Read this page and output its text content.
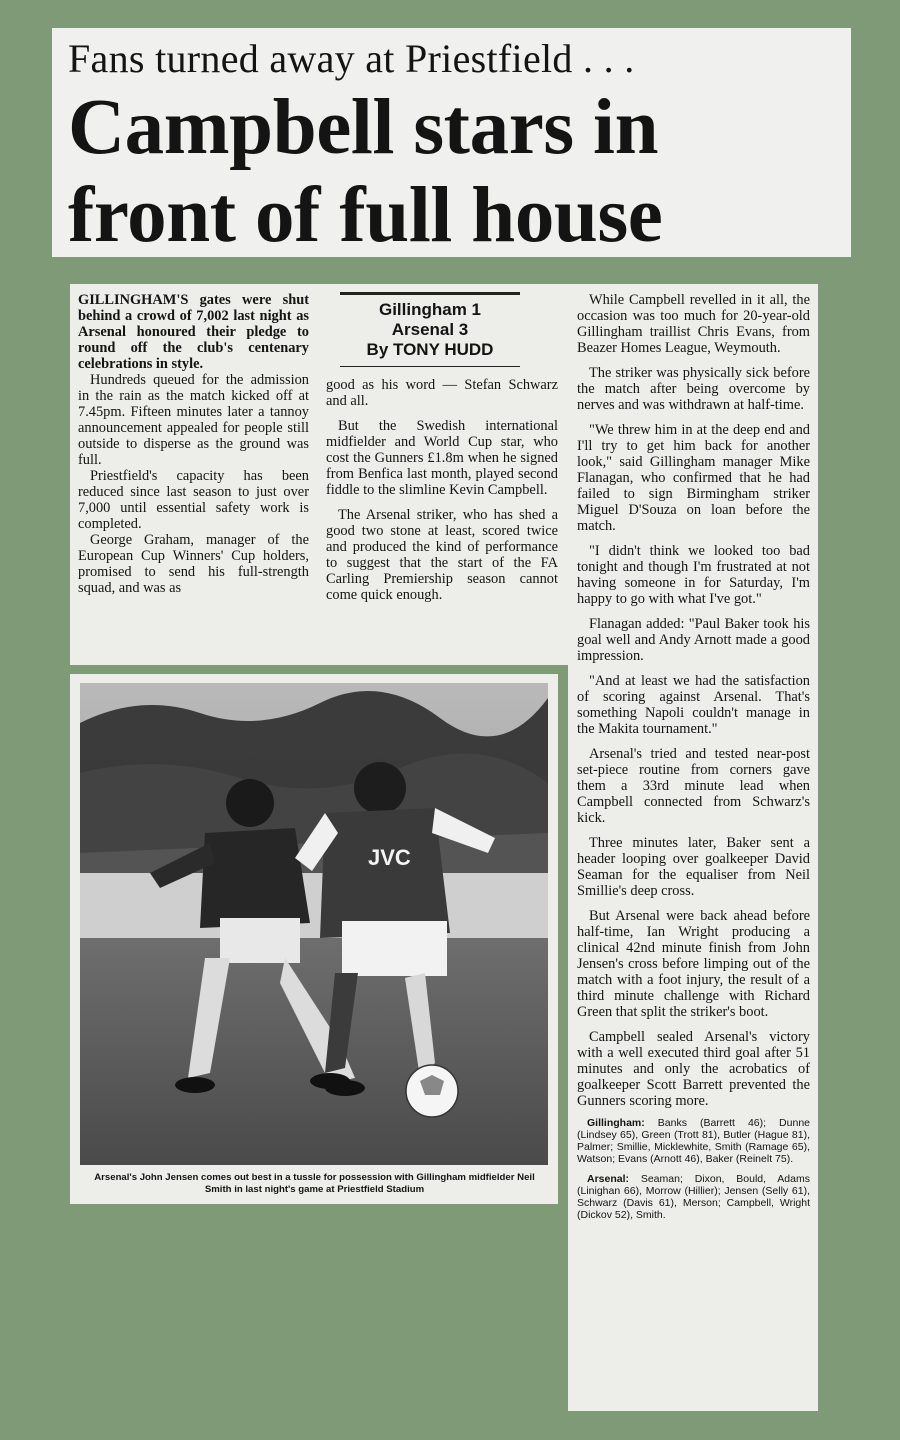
Fans turned away at Priestfield . . .
Campbell stars in
front of full house

GILLINGHAM'S gates were shut behind a crowd of 7,002 last night as Arsenal honoured their pledge to round off the club's centenary celebrations in style.

Hundreds queued for the admission in the rain as the match kicked off at 7.45pm. Fifteen minutes later a tannoy announcement appealed for people still outside to disperse as the ground was full.

Priestfield's capacity has been reduced since last season to just over 7,000 until essential safety work is completed.

George Graham, manager of the European Cup Winners' Cup holders, promised to send his full-strength squad, and was as

Gillingham 1
Arsenal 3
By TONY HUDD

good as his word — Stefan Schwarz and all.

But the Swedish international midfielder and World Cup star, who cost the Gunners £1.8m when he signed from Benfica last month, played second fiddle to the slimline Kevin Campbell.

The Arsenal striker, who has shed a good two stone at least, scored twice and produced the kind of performance to suggest that the start of the FA Carling Premiership season cannot come quick enough.

While Campbell revelled in it all, the occasion was too much for 20-year-old Gillingham traillist Chris Evans, from Beazer Homes League, Weymouth.

The striker was physically sick before the match after being overcome by nerves and was withdrawn at half-time.

"We threw him in at the deep end and I'll try to get him back for another look," said Gillingham manager Mike Flanagan, who confirmed that he had failed to sign Birmingham striker Miguel D'Souza on loan before the match.

"I didn't think we looked too bad tonight and though I'm frustrated at not having someone in for Saturday, I'm happy to go with what I've got."

Flanagan added: "Paul Baker took his goal well and Andy Arnott made a good impression.

"And at least we had the satisfaction of scoring against Arsenal. That's something Napoli couldn't manage in the Makita tournament."

Arsenal's tried and tested near-post set-piece routine from corners gave them a 33rd minute lead when Campbell connected from Schwarz's kick.

Three minutes later, Baker sent a header looping over goalkeeper David Seaman for the equaliser from Neil Smillie's deep cross.

But Arsenal were back ahead before half-time, Ian Wright producing a clinical 42nd minute finish from John Jensen's cross before limping out of the match with a foot injury, the result of a third minute challenge with Richard Green that split the striker's boot.

Campbell sealed Arsenal's victory with a well executed third goal after 51 minutes and only the acrobatics of goalkeeper Scott Barrett prevented the Gunners scoring more.

Gillingham: Banks (Barrett 46); Dunne (Lindsey 65), Green (Trott 81), Butler (Hague 81), Palmer; Smillie, Micklewhite, Smith (Ramage 65), Watson; Evans (Arnott 46), Baker (Reinelt 75).

Arsenal: Seaman; Dixon, Bould, Adams (Linighan 66), Morrow (Hillier); Jensen (Selly 61), Schwarz (Davis 61), Merson; Campbell, Wright (Dickov 52), Smith.

JVC
Arsenal's John Jensen comes out best in a tussle for possession with Gillingham midfielder Neil Smith in last night's game at Priestfield Stadium
